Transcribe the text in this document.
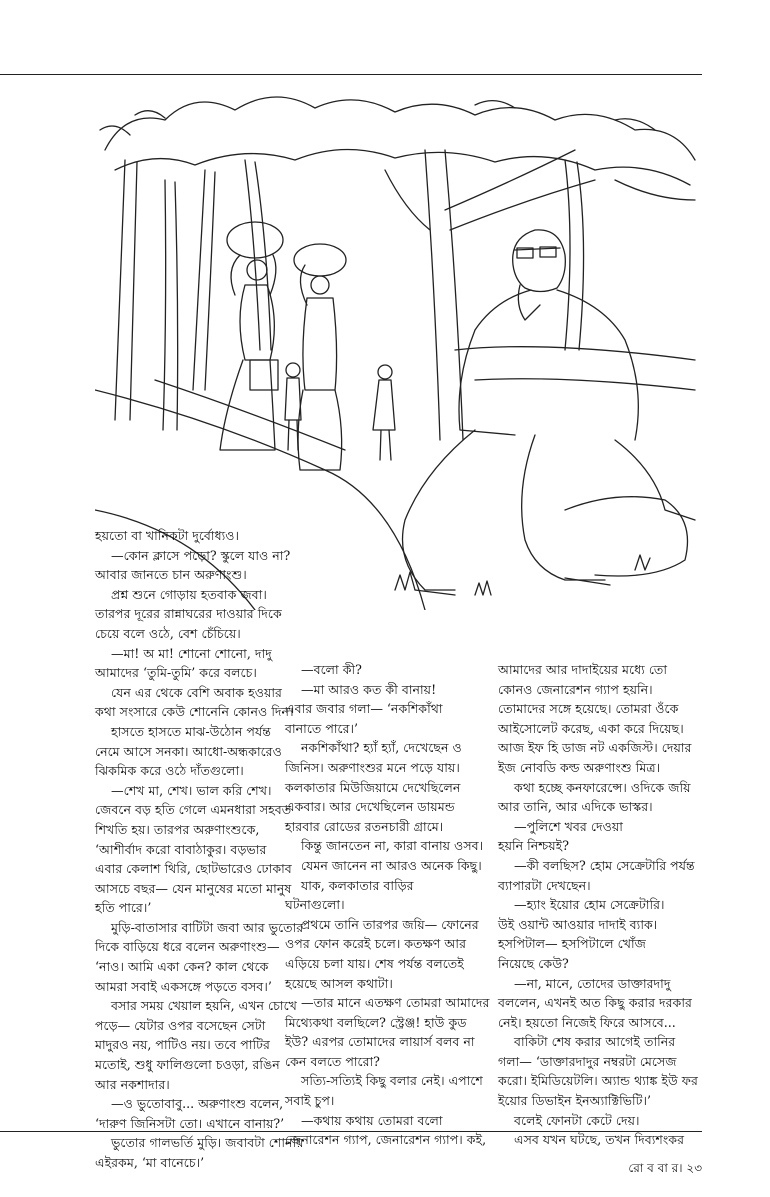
হয়তো বা খানিকটা দুর্বোধ্যও।

—কোন ক্লাসে পড়ো? স্কুলে যাও না?

আবার জানতে চান অরুণাংশু।

প্রশ্ন শুনে গোড়ায় হতবাক জবা।

তারপর দূরের রান্নাঘরের দাওয়ার দিকে

চেয়ে বলে ওঠে, বেশ চেঁচিয়ে।

—মা! অ মা! শোনো শোনো, দাদু

আমাদের ‘তুমি-তুমি’ করে বলচে।

যেন এর থেকে বেশি অবাক হওয়ার

কথা সংসারে কেউ শোনেনি কোনও দিন।

হাসতে হাসতে মাঝ-উঠোন পর্যন্ত

নেমে আসে সনকা। আধো-অন্ধকারেও

ঝিকমিক করে ওঠে দাঁতগুলো।

—শেখ মা, শেখ। ভাল করি শেখ।

জেবনে বড় হতি গেলে এমনধারা সহবত

শিখতি হয়। তারপর অরুণাংশুকে,

‘আশীর্বাদ করো বাবাঠাকুর। বড়ভার

এবার কেলাশ থিরি, ছোটভারেও ঢোকাব

আসচে বছর— যেন মানুষের মতো মানুষ

হতি পারে।’

মুড়ি-বাতাসার বাটিটা জবা আর ভুতোর

দিকে বাড়িয়ে ধরে বলেন অরুণাংশু—

‘নাও। আমি একা কেন? কাল থেকে

আমরা সবাই একসঙ্গে পড়তে বসব।’

বসার সময় খেয়াল হয়নি, এখন চোখে

পড়ে— যেটার ওপর বসেছেন সেটা

মাদুরও নয়, পাটিও নয়। তবে পাটির

মতোই, শুধু ফালিগুলো চওড়া, রঙিন

আর নকশাদার।

—ও ভুতোবাবু... অরুণাংশু বলেন,

‘দারুণ জিনিসটা তো। এখানে বানায়?’

ভুতোর গালভর্তি মুড়ি। জবাবটা শোনায়

এইরকম, ‘মা বানেচে।’

—বলো কী?

—মা আরও কত কী বানায়!

এবার জবার গলা— ‘নকশিকাঁথা

বানাতে পারে।’

নকশিকাঁথা? হ্যাঁ হ্যাঁ, দেখেছেন ও

জিনিস। অরুণাংশুর মনে পড়ে যায়।

কলকাতার মিউজিয়ামে দেখেছিলেন

একবার। আর দেখেছিলেন ডায়মন্ড

হারবার রোডের রতনচারী গ্রামে।

কিন্তু জানতেন না, কারা বানায় ওসব।

যেমন জানেন না আরও অনেক কিছু।

যাক, কলকাতার বাড়ির

ঘটনাগুলো।

প্রথমে তানি তারপর জয়ি— ফোনের

ওপর ফোন করেই চলে। কতক্ষণ আর

এড়িয়ে চলা যায়। শেষ পর্যন্ত বলতেই

হয়েছে আসল কথাটা।

—তার মানে এতক্ষণ তোমরা আমাদের

মিথ্যেকথা বলছিলে? স্ট্রেঞ্জ! হাউ কুড

ইউ? এরপর তোমাদের লায়ার্স বলব না

কেন বলতে পারো?

সত্যি-সত্যিই কিছু বলার নেই। এপাশে

সবাই চুপ।

—কথায় কথায় তোমরা বলো

জেনারেশন গ্যাপ, জেনারেশন গ্যাপ। কই,

আমাদের আর দাদাইয়ের মধ্যে তো

কোনও জেনারেশন গ্যাপ হয়নি।

তোমাদের সঙ্গে হয়েছে। তোমরা ওঁকে

আইসোলেট করেছ, একা করে দিয়েছ।

আজ ইফ হি ডাজ নট একজিস্ট। দেয়ার

ইজ নোবডি কল্ড অরুণাংশু মিত্র।

কথা হচ্ছে কনফারেন্সে। ওদিকে জয়ি

আর তানি, আর এদিকে ভাস্কর।

—পুলিশে খবর দেওয়া

হয়নি নিশ্চয়ই?

—কী বলছিস? হোম সেক্রেটারি পর্যন্ত

ব্যাপারটা দেখছেন।

—হ্যাং ইয়োর হোম সেক্রেটারি।

উই ওয়ান্ট আওয়ার দাদাই ব্যাক।

হসপিটাল— হসপিটালে খোঁজ

নিয়েছে কেউ?

—না, মানে, তোদের ডাক্তারদাদু

বললেন, এখনই অত কিছু করার দরকার

নেই। হয়তো নিজেই ফিরে আসবে...

বাকিটা শেষ করার আগেই তানির

গলা— ‘ডাক্তারদাদুর নম্বরটা মেসেজ

করো। ইমিডিয়েটলি। অ্যান্ড থ্যাঙ্ক ইউ ফর

ইয়োর ডিভাইন ইনঅ্যাক্টিভিটি।’

বলেই ফোনটা কেটে দেয়।

এসব যখন ঘটছে, তখন দিব্যশংকর

রো ব বা র। ২৩
